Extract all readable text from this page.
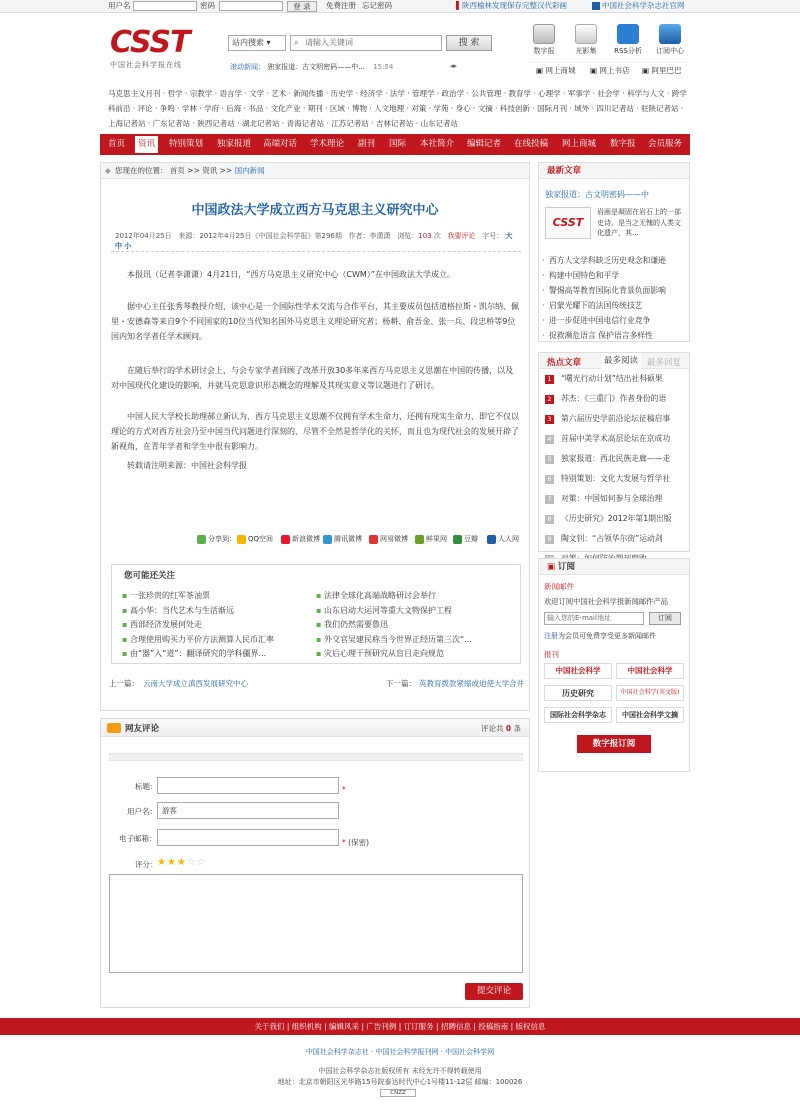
用户名	密码	登 录	免费注册 忘记密码	▌ 陕西榆林发现保存完整汉代彩画	中国社会科学杂志社官网
CSST
中国社会科学报在线
站内搜索 ▾	⌕ 请输入关键词	搜 索
滚动新闻： 独家报道：古文明密码——中... 15:54	◂▸
数字报	光影集	RSS分析	订阅中心
▣ 网上商城 ▣ 网上书店 ▣ 阿里巴巴
马克思主义月刊 · 哲学 · 宗教学 · 语言学 · 文学 · 艺术 · 新闻传播 · 历史学 · 经济学 · 法学 · 管理学 · 政治学 · 公共管理 · 教育学 · 心理学 · 军事学 · 社会学 · 科学与人文 · 跨学科前沿 · 评论 · 争鸣 · 学林 · 学府 · 后海 · 书品 · 文化产业 · 期刊 · 区域 · 博物 · 人文地理 · 对策 · 学苑 · 身心 · 文摘 · 科技创新 · 国际月刊 · 域外 · 四川记者站 · 驻陕记者站 · 上海记者站 · 广东记者站 · 陕西记者站 · 湖北记者站 · 青海记者站 · 江苏记者站 · 吉林记者站 · 山东记者站
首页	资讯	特别策划 独家报道 高端对话 学术理论 副刊 国际 本社简介 编辑记者 在线投稿 网上商城 数字报 会员服务
◆ 您现在的位置： 首页 >> 资讯 >> 国内新闻
中国政法大学成立西方马克思主义研究中心
2012年04月25日 来源：2012年4月25日《中国社会科学报》第296期 作者：李潇潇 浏览：103 次 我要评论 字号： 大 中 小
本报讯（记者李潇潇）4月21日，“西方马克思主义研究中心（CWM）”在中国政法大学成立。
据中心主任张秀琴教授介绍，该中心是一个国际性学术交流与合作平台，其主要成员包括道格拉斯・凯尔纳、佩里・安德森等来自9个不同国家的10位当代知名国外马克思主义理论研究者；杨耕、俞吾金、张一兵、段忠桥等9位国内知名学者任学术顾问。
在随后举行的学术研讨会上，与会专家学者回顾了改革开放30多年来西方马克思主义思潮在中国的传播，以及对中国现代化建设的影响，并就马克思意识形态概念的理解及其现实意义等议题进行了研讨。
中国人民大学校长助理郝立新认为，西方马克思主义思潮不仅拥有学术生命力，还拥有现实生命力，即它不仅以理论的方式对西方社会乃至中国当代问题进行深刻的、尽管不全然是哲学化的关怀，而且也为现代社会的发展开辟了新视角，在青年学者和学生中很有影响力。
转载请注明来源：中国社会科学报
分享到：	QQ空间	新浪微博	腾讯微博	网易微博	鲜果网	豆瓣	人人网
您可能还关注
▪ 一张珍贵的红军茶油票
▪ 高小华：当代艺术与生活渐远
▪ 西部经济发展何处走
▪ 合理使用购买力平价方法测算人民币汇率
▪ 由“器”入“道”：翻译研究的学科疆界...
▪ 法律全球化高端战略研讨会举行
▪ 山东启动大运河等重大文物保护工程
▪ 我们仍然需要鲁迅
▪ 外交官吴建民称当今世界正经历第三次“...
▪ 灾后心理干预研究从盲目走向规范
上一篇： 云南大学成立滇西发展研究中心	下一篇： 英教育拨款紧缩或迫使大学合并
网友评论	评论共 0 条
标题：	*
用户名： 游客
电子邮箱：	* (保密)
评分： ★★★☆☆
提交评论
最新文章
独家报道：古文明密码——中
CSST
岩画是凝固在岩石上的一部史诗，是当之无愧的人类文化遗产，其...
· 西方人文学科缺乏历史观念和谦逊
· 构建中国特色和平学
· 警惕高等教育国际化背景负面影响
· 启蒙光耀下的法国传统技艺
· 进一步促进中国电信行业竞争
· 捉救濒危语言 保护语言多样性
热点文章	最多阅读	最多回复
1	“曙光行动计划”结出社科硕果
2	苏杰：《三重门》作者身份的语
3	第六届历史学前沿论坛征稿启事
4	首届中美学术高层论坛在京成功
5	独家报道：西北民族走廊——走
6	特别策划：文化大发展与哲学社
7	对策：中国如何参与全球治理
8	《历史研究》2012年第1期出版
9	陶文钊：“占领华尔街”运动剑
▣ 订阅
新闻邮件
欢迎订阅中国社会科学报新闻邮件产品
输入您的E-mail地址	订阅
注册为会员可免费享受更多新闻邮件
报刊
中国社会科学	中国社会科学
历史研究	中国社会科学(英文版)
国际社会科学杂志	中国社会科学文摘
数字报订阅
关于我们 | 组织机构 | 编辑风采 | 广告刊例 | 订订服务 | 招聘信息 | 投稿指南 | 版权信息
中国社会科学杂志社 · 中国社会科学报刊网 · 中国社会科学网
中国社会科学杂志社版权所有 未经允许不得转载使用
地址：北京市朝阳区光华路15号院泰达时代中心1号楼11-12层 邮编：100026
CNZZ
